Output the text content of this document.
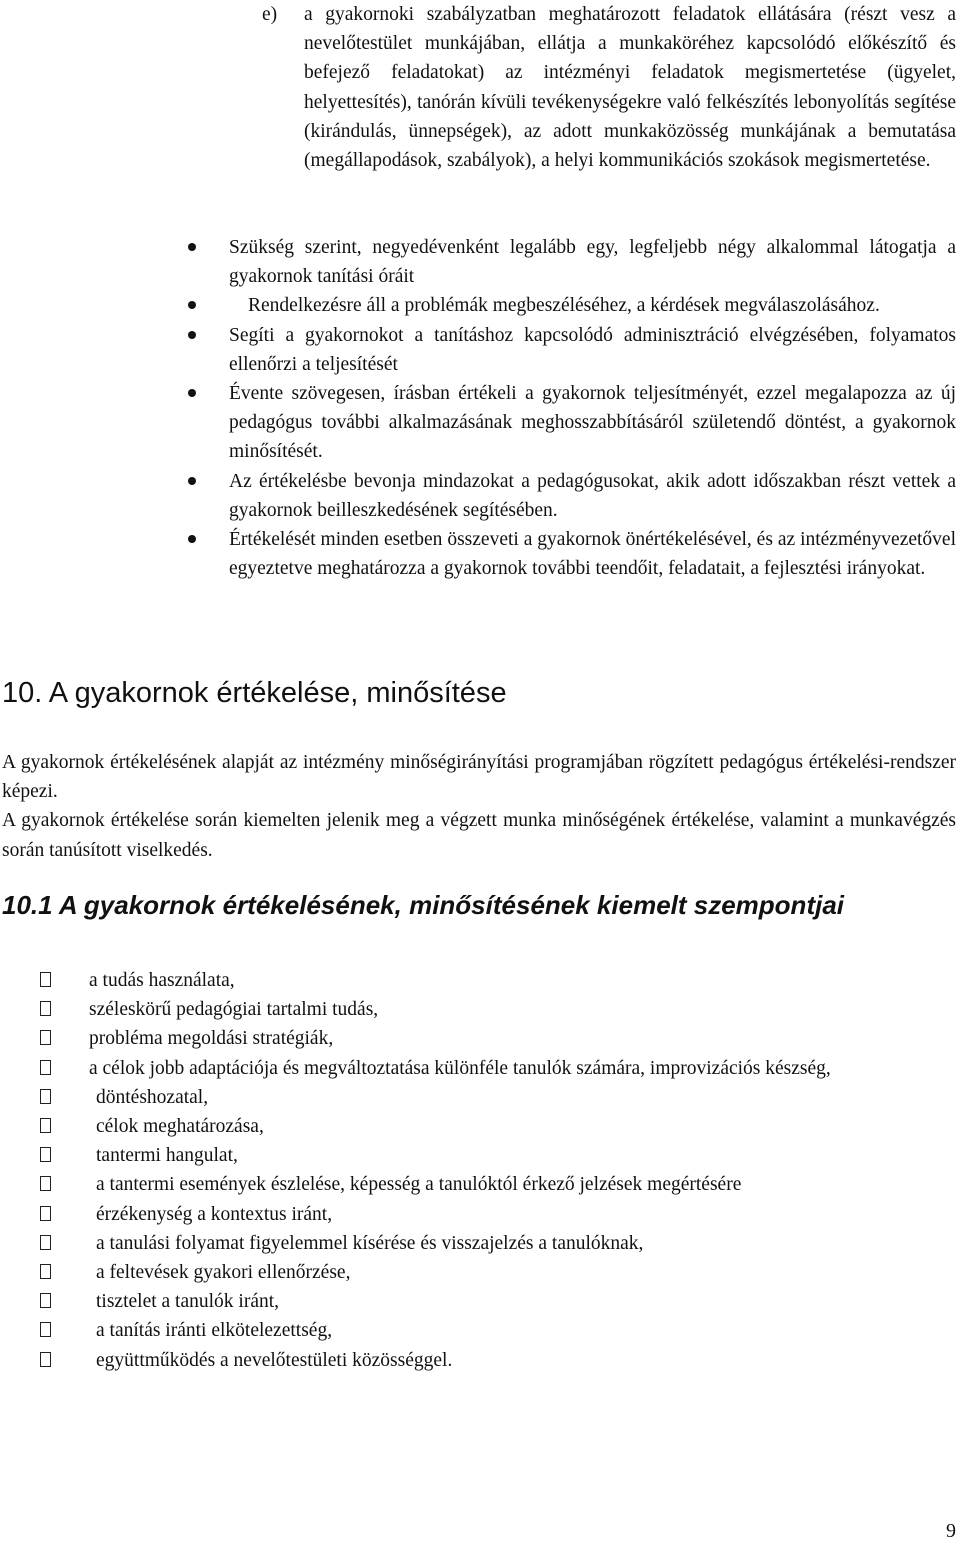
e) a gyakornoki szabályzatban meghatározott feladatok ellátására (részt vesz a nevelőtestület munkájában, ellátja a munkaköréhez kapcsolódó előkészítő és befejező feladatokat) az intézményi feladatok megismertetése (ügyelet, helyettesítés), tanórán kívüli tevékenységekre való felkészítés lebonyolítás segítése (kirándulás, ünnepségek), az adott munkaközösség munkájának a bemutatása (megállapodások, szabályok), a helyi kommunikációs szokások megismertetése.
Szükség szerint, negyedévenként legalább egy, legfeljebb négy alkalommal látogatja a gyakornok tanítási óráit
Rendelkezésre áll a problémák megbeszéléséhez, a kérdések megválaszolásához.
Segíti a gyakornokot a tanításhoz kapcsolódó adminisztráció elvégzésében, folyamatos ellenőrzi a teljesítését
Évente szövegesen, írásban értékeli a gyakornok teljesítményét, ezzel megalapozza az új pedagógus további alkalmazásának meghosszabbításáról születendő döntést, a gyakornok minősítését.
Az értékelésbe bevonja mindazokat a pedagógusokat, akik adott időszakban részt vettek a gyakornok beilleszkedésének segítésében.
Értékelését minden esetben összeveti a gyakornok önértékelésével, és az intézményvezetővel egyeztetve meghatározza a gyakornok további teendőit, feladatait, a fejlesztési irányokat.
10. A gyakornok értékelése, minősítése

A gyakornok értékelésének alapját az intézmény minőségirányítási programjában rögzített pedagógus értékelési-rendszer képezi.

A gyakornok értékelése során kiemelten jelenik meg a végzett munka minőségének értékelése, valamint a munkavégzés során tanúsított viselkedés.

10.1 A gyakornok értékelésének, minősítésének kiemelt szempontjai
a tudás használata,
széleskörű pedagógiai tartalmi tudás,
probléma megoldási stratégiák,
a célok jobb adaptációja és megváltoztatása különféle tanulók számára, improvizációs készség,
döntéshozatal,
célok meghatározása,
tantermi hangulat,
a tantermi események észlelése, képesség a tanulóktól érkező jelzések megértésére
érzékenység a kontextus iránt,
a tanulási folyamat figyelemmel kísérése és visszajelzés a tanulóknak,
a feltevések gyakori ellenőrzése,
tisztelet a tanulók iránt,
a tanítás iránti elkötelezettség,
együttműködés a nevelőtestületi közösséggel.
9
